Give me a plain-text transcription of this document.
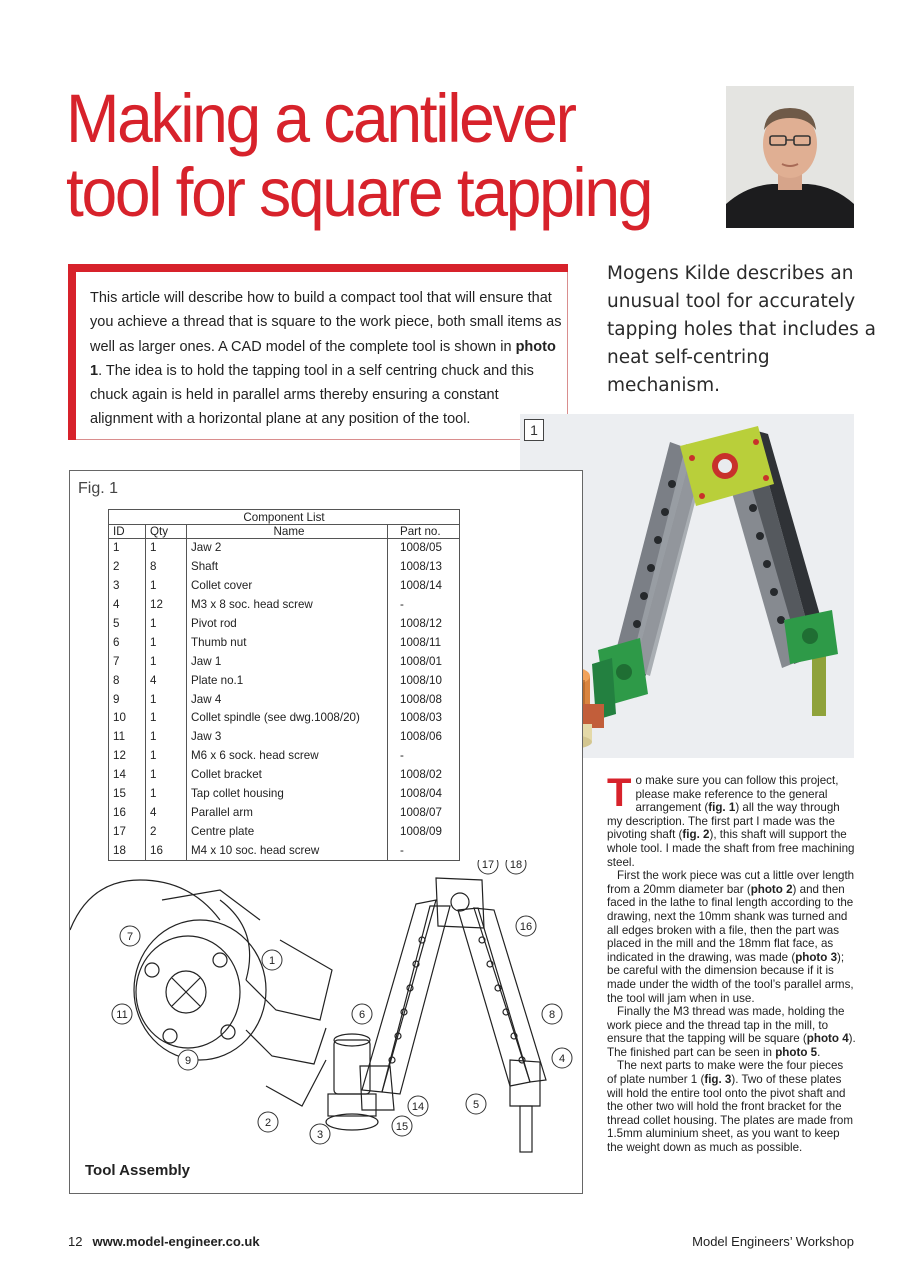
Making a cantilever
tool for square tapping

Mogens Kilde describes an unusual tool for accurately tapping holes that includes a neat self-centring mechanism.

This article will describe how to build a compact tool that will ensure that you achieve a thread that is square to the work piece, both small items as well as larger ones. A CAD model of the complete tool is shown in photo 1. The idea is to hold the tapping tool in a self centring chuck and this chuck again is held in parallel arms thereby ensuring a constant alignment with a horizontal plane at any position of the tool.

1
Fig. 1
Component List			
ID	Qty	Name	Part no.
1	1	Jaw 2	1008/05
2	8	Shaft	1008/13
3	1	Collet cover	1008/14
4	12	M3 x 8 soc. head screw	-
5	1	Pivot rod	1008/12
6	1	Thumb nut	1008/11
7	1	Jaw 1	1008/01
8	4	Plate no.1	1008/10
9	1	Jaw 4	1008/08
10	1	Collet spindle (see dwg.1008/20)	1008/03
11	1	Jaw 3	1008/06
12	1	M6 x 6 sock. head screw	-
14	1	Collet bracket	1008/02
15	1	Tap collet housing	1008/04
16	4	Parallel arm	1008/07
17	2	Centre plate	1008/09
18	16	M4 x 10 soc. head screw	-
7
1
11
9
2
3
6
14
15
5
17 18
16
8
4
Tool Assembly

To make sure you can follow this project, please make reference to the general arrangement (fig. 1) all the way through my description. The first part I made was the pivoting shaft (fig. 2), this shaft will support the whole tool. I made the shaft from free machining steel.

First the work piece was cut a little over length from a 20mm diameter bar (photo 2) and then faced in the lathe to final length according to the drawing, next the 10mm shank was turned and all edges broken with a file, then the part was placed in the mill and the 18mm flat face, as indicated in the drawing, was made (photo 3); be careful with the dimension because if it is made under the width of the tool’s parallel arms, the tool will jam when in use.

Finally the M3 thread was made, holding the work piece and the thread tap in the mill, to ensure that the tapping will be square (photo 4). The finished part can be seen in photo 5.

The next parts to make were the four pieces of plate number 1 (fig. 3). Two of these plates will hold the entire tool onto the pivot shaft and the other two will hold the front bracket for the thread collet housing. The plates are made from 1.5mm aluminium sheet, as you want to keep the weight down as much as possible.

12 www.model-engineer.co.uk	Model Engineers’ Workshop
